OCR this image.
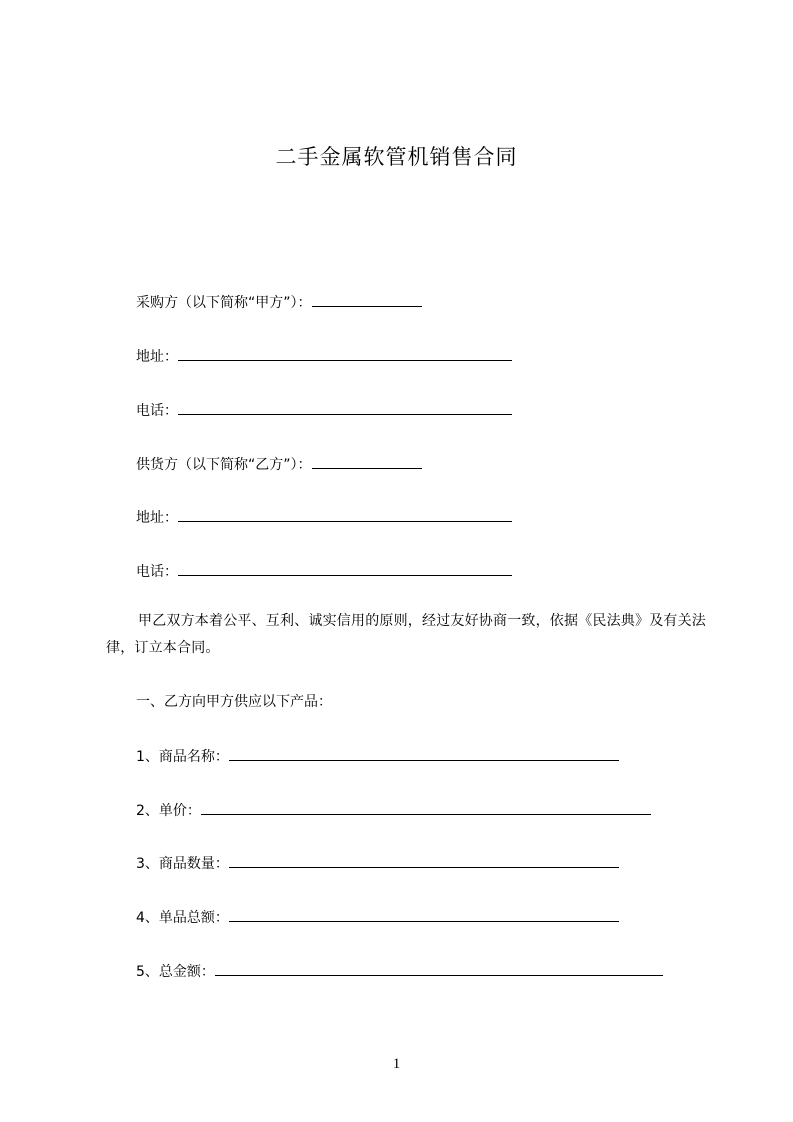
二手金属软管机销售合同
采购方（以下简称“甲方”）：
地址：
电话：
供货方（以下简称“乙方”）：
地址：
电话：
甲乙双方本着公平、互利、诚实信用的原则，经过友好协商一致，依据《民法典》及有关法律，订立本合同。
一、乙方向甲方供应以下产品：
1、商品名称：
2、单价：
3、商品数量：
4、单品总额：
5、总金额：
1
